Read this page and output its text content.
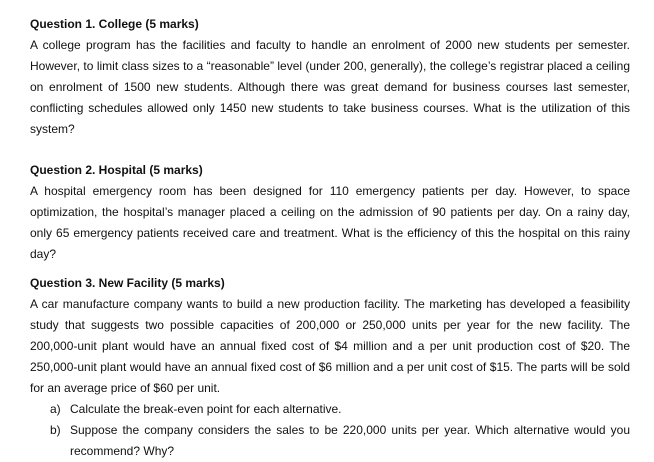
Question 1. College (5 marks)

A college program has the facilities and faculty to handle an enrolment of 2000 new students per semester. However, to limit class sizes to a “reasonable” level (under 200, generally), the college’s registrar placed a ceiling on enrolment of 1500 new students. Although there was great demand for business courses last semester, conflicting schedules allowed only 1450 new students to take business courses. What is the utilization of this system?

Question 2. Hospital (5 marks)

A hospital emergency room has been designed for 110 emergency patients per day. However, to space optimization, the hospital’s manager placed a ceiling on the admission of 90 patients per day. On a rainy day, only 65 emergency patients received care and treatment. What is the efficiency of this the hospital on this rainy day?

Question 3. New Facility (5 marks)

A car manufacture company wants to build a new production facility. The marketing has developed a feasibility study that suggests two possible capacities of 200,000 or 250,000 units per year for the new facility. The 200,000-unit plant would have an annual fixed cost of $4 million and a per unit production cost of $20. The 250,000-unit plant would have an annual fixed cost of $6 million and a per unit cost of $15. The parts will be sold for an average price of $60 per unit.

a) Calculate the break-even point for each alternative.
b) Suppose the company considers the sales to be 220,000 units per year. Which alternative would you recommend? Why?
